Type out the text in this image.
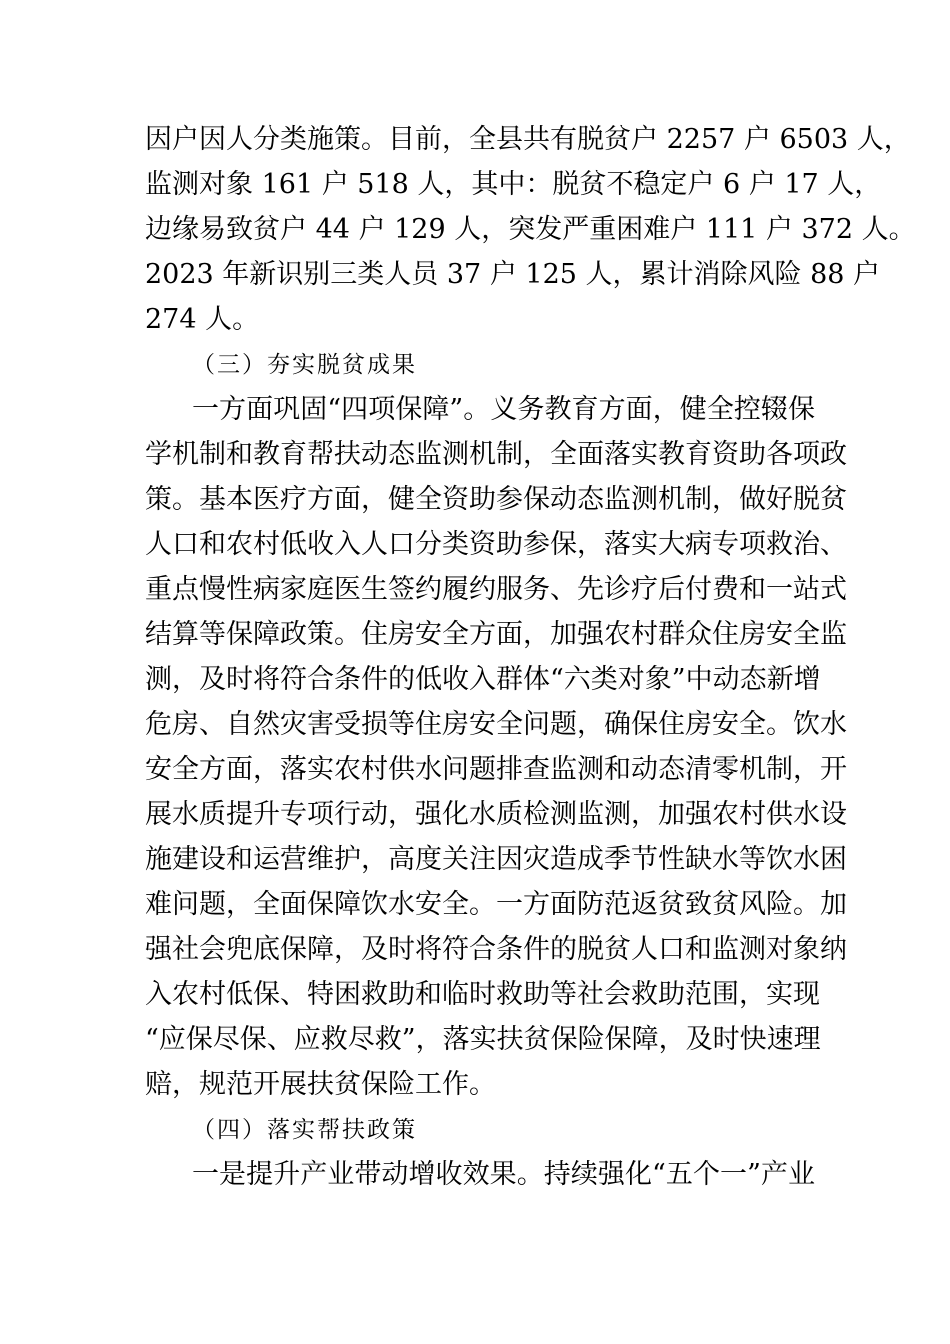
因户因人分类施策。目前，全县共有脱贫户 2257 户 6503 人，
监测对象 161 户 518 人，其中：脱贫不稳定户 6 户 17 人，
边缘易致贫户 44 户 129 人，突发严重困难户 111 户 372 人。
2023 年新识别三类人员 37 户 125 人，累计消除风险 88 户
274 人。
（三）夯实脱贫成果
一方面巩固“四项保障”。义务教育方面，健全控辍保
学机制和教育帮扶动态监测机制，全面落实教育资助各项政
策。基本医疗方面，健全资助参保动态监测机制，做好脱贫
人口和农村低收入人口分类资助参保，落实大病专项救治、
重点慢性病家庭医生签约履约服务、先诊疗后付费和一站式
结算等保障政策。住房安全方面，加强农村群众住房安全监
测，及时将符合条件的低收入群体“六类对象”中动态新增
危房、自然灾害受损等住房安全问题，确保住房安全。饮水
安全方面，落实农村供水问题排查监测和动态清零机制，开
展水质提升专项行动，强化水质检测监测，加强农村供水设
施建设和运营维护，高度关注因灾造成季节性缺水等饮水困
难问题，全面保障饮水安全。一方面防范返贫致贫风险。加
强社会兜底保障，及时将符合条件的脱贫人口和监测对象纳
入农村低保、特困救助和临时救助等社会救助范围，实现
“应保尽保、应救尽救”，落实扶贫保险保障，及时快速理
赔，规范开展扶贫保险工作。
（四）落实帮扶政策
一是提升产业带动增收效果。持续强化“五个一”产业
